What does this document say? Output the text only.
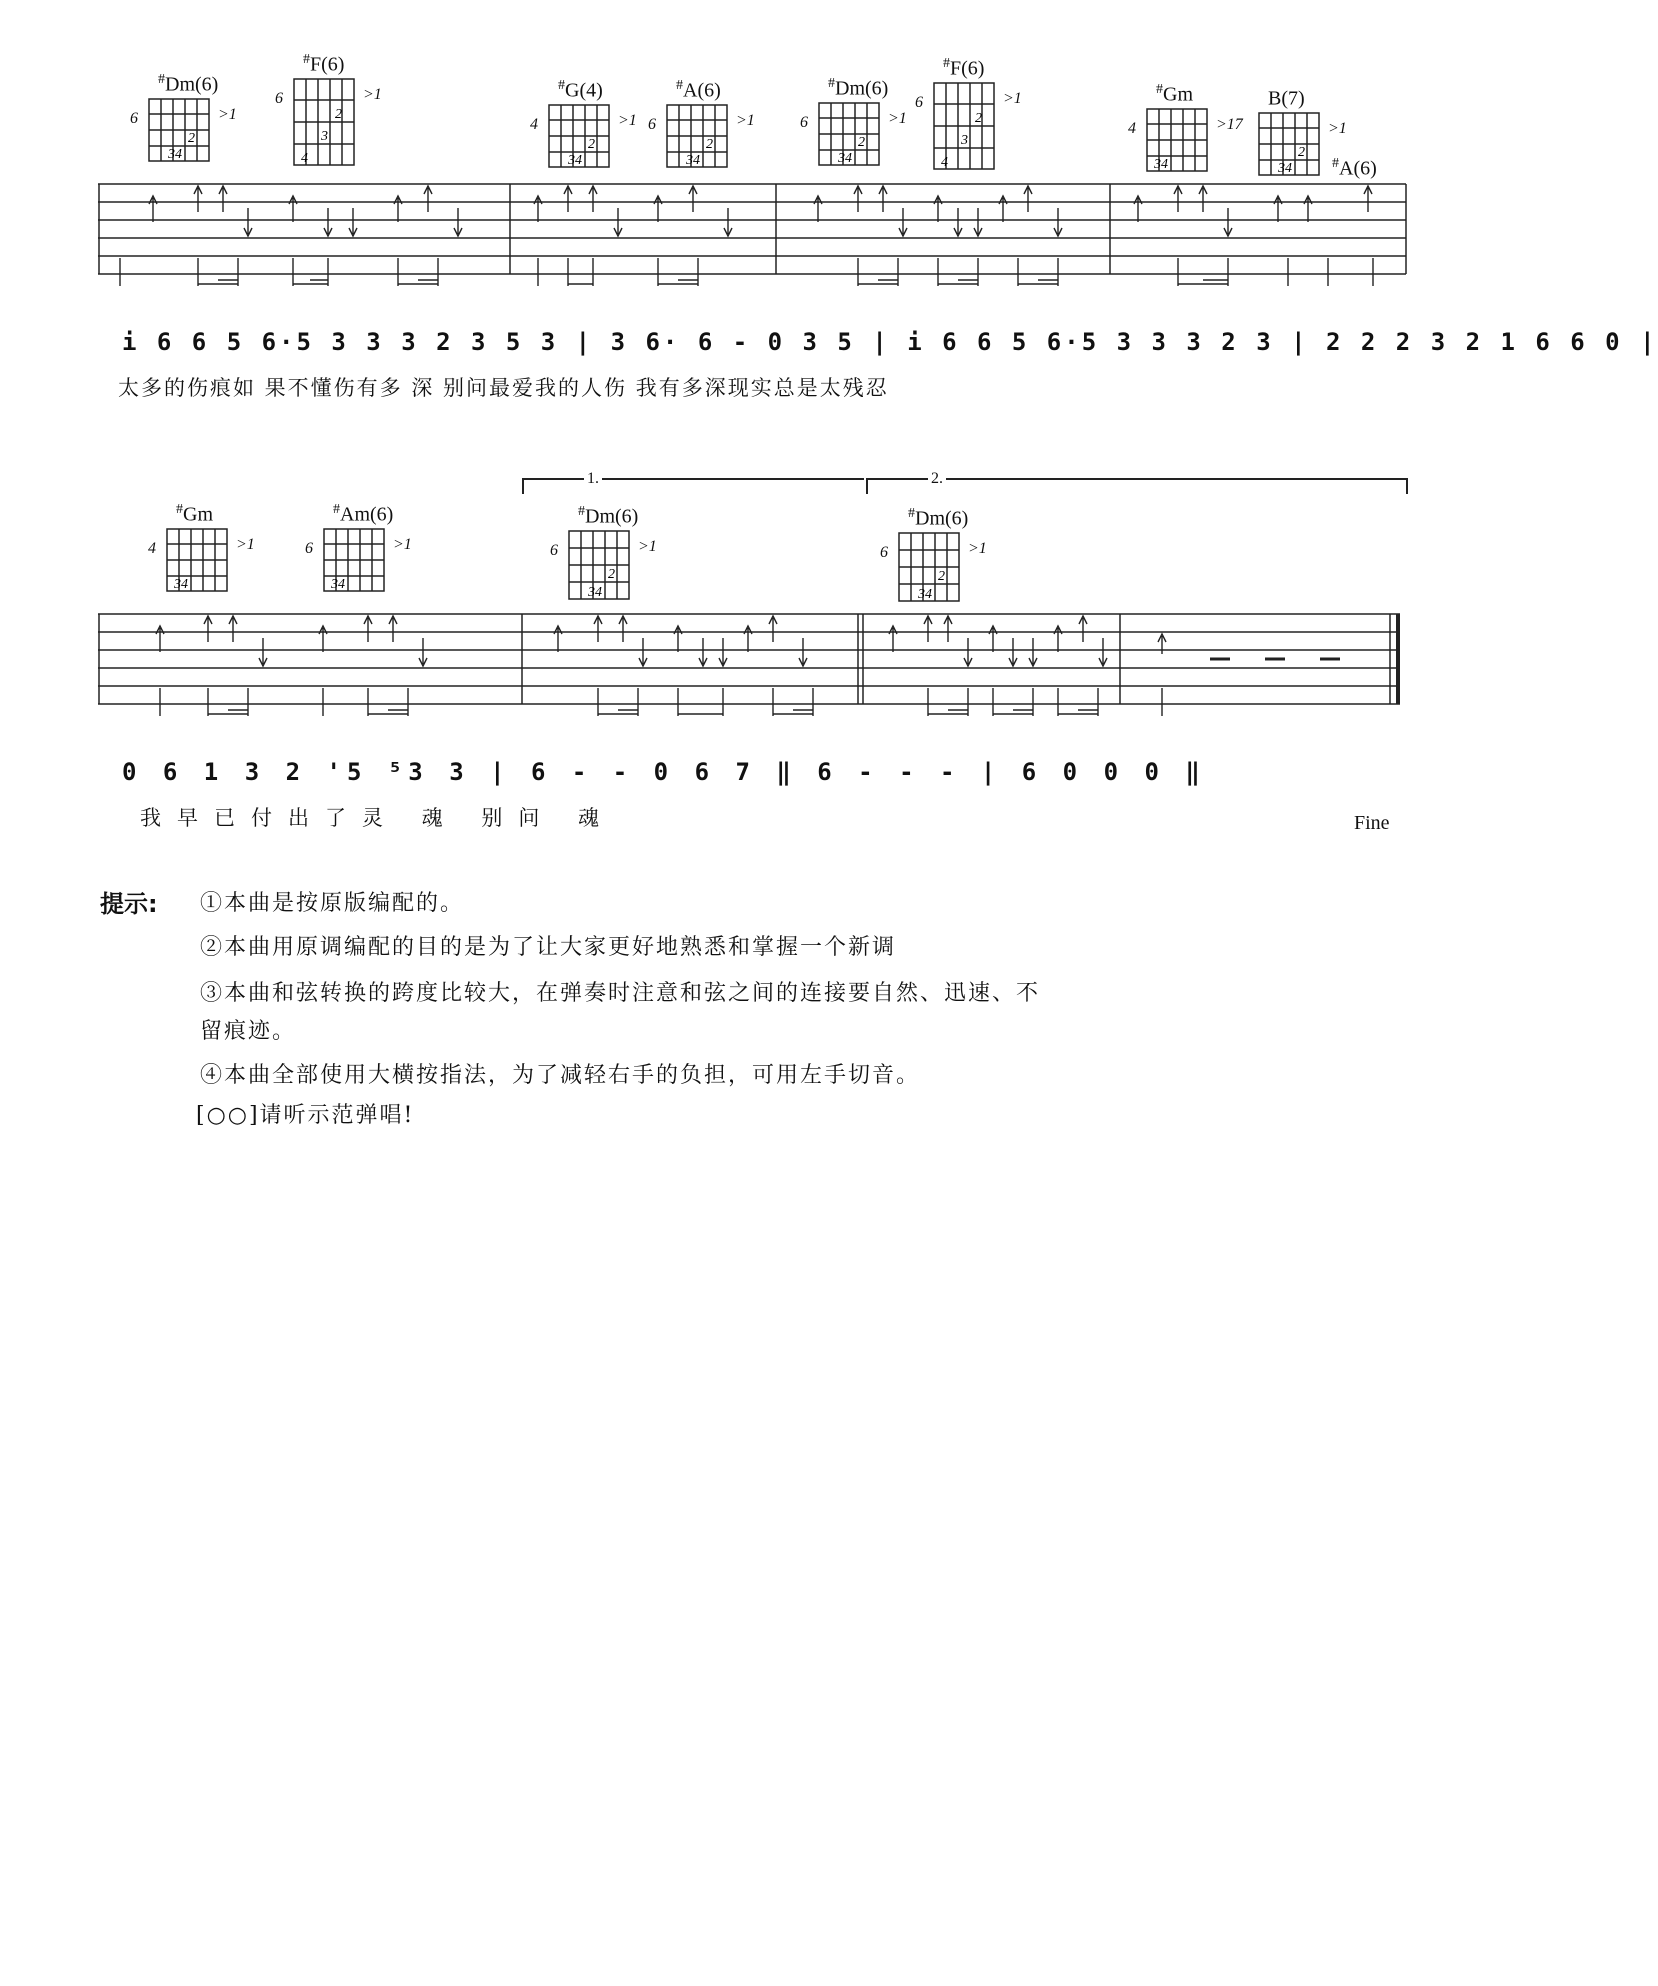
#Dm(6)
6	>1
34
2
#F(6)
6	>1
4
3
2
#G(4)
4	>1
34
2
#A(6)
6	>1
34
2
#Dm(6)
6	>1
34
2
#F(6)
6	>1
4
3
2
#Gm
4	>17
34
B(7)
>1
34
2
#A(6)
i 6 6 5 6·5 3 3 3 2 3 5 3 | 3 6· 6 - 0 3 5 | i 6 6 5 6·5 3 3 3 2 3 | 2 2 2 3 2 1 6 6 0 |
太多的伤痕如 果不懂伤有多 深 别问最爱我的人伤 我有多深现实总是太残忍
1.	2.
#Gm
4	>1
34
#Am(6)
6	>1
34
#Dm(6)
6	>1
34
2
#Dm(6)
6	>1
34
2
0 6 1 3 2 '5 ⁵3 3 | 6 - - 0 6 7 ‖ 6 - - - | 6 0 0 0 ‖
我早已付出了灵 魂 别问 魂	Fine
提示: ①本曲是按原版编配的。
②本曲用原调编配的目的是为了让大家更好地熟悉和掌握一个新调
③本曲和弦转换的跨度比较大，在弹奏时注意和弦之间的连接要自然、迅速、不
留痕迹。
④本曲全部使用大横按指法，为了减轻右手的负担，可用左手切音。
[○○]请听示范弹唱!
